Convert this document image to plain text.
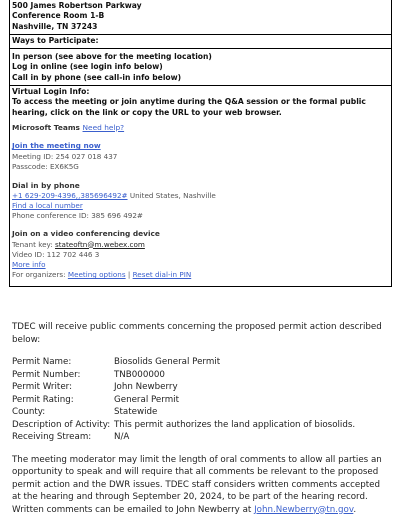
500 James Robertson Parkway
Conference Room 1-B
Nashville, TN 37243
Ways to Participate:
In person (see above for the meeting location)
Log in online (see login info below)
Call in by phone (see call-in info below)
Virtual Login Info:
To access the meeting or join anytime during the Q&A session or the formal public hearing, click on the link or copy the URL to your web browser.
Microsoft Teams Need help?
Join the meeting now
Meeting ID: 254 027 018 437
Passcode: EX6K5G
Dial in by phone
+1 629-209-4396,,385696492# United States, Nashville
Find a local number
Phone conference ID: 385 696 492#
Join on a video conferencing device
Tenant key: stateoftn@m.webex.com
Video ID: 112 702 446 3
More info
For organizers: Meeting options | Reset dial-in PIN

TDEC will receive public comments concerning the proposed permit action described below:

Permit Name:	Biosolids General Permit
Permit Number:	TNB000000
Permit Writer:	John Newberry
Permit Rating:	General Permit
County:	Statewide
Description of Activity: This permit authorizes the land application of biosolids.
Receiving Stream:	N/A

The meeting moderator may limit the length of oral comments to allow all parties an opportunity to speak and will require that all comments be relevant to the proposed permit action and the DWR issues. TDEC staff considers written comments accepted at the hearing and through September 20, 2024, to be part of the hearing record. Written comments can be emailed to John Newberry at John.Newberry@tn.gov.
